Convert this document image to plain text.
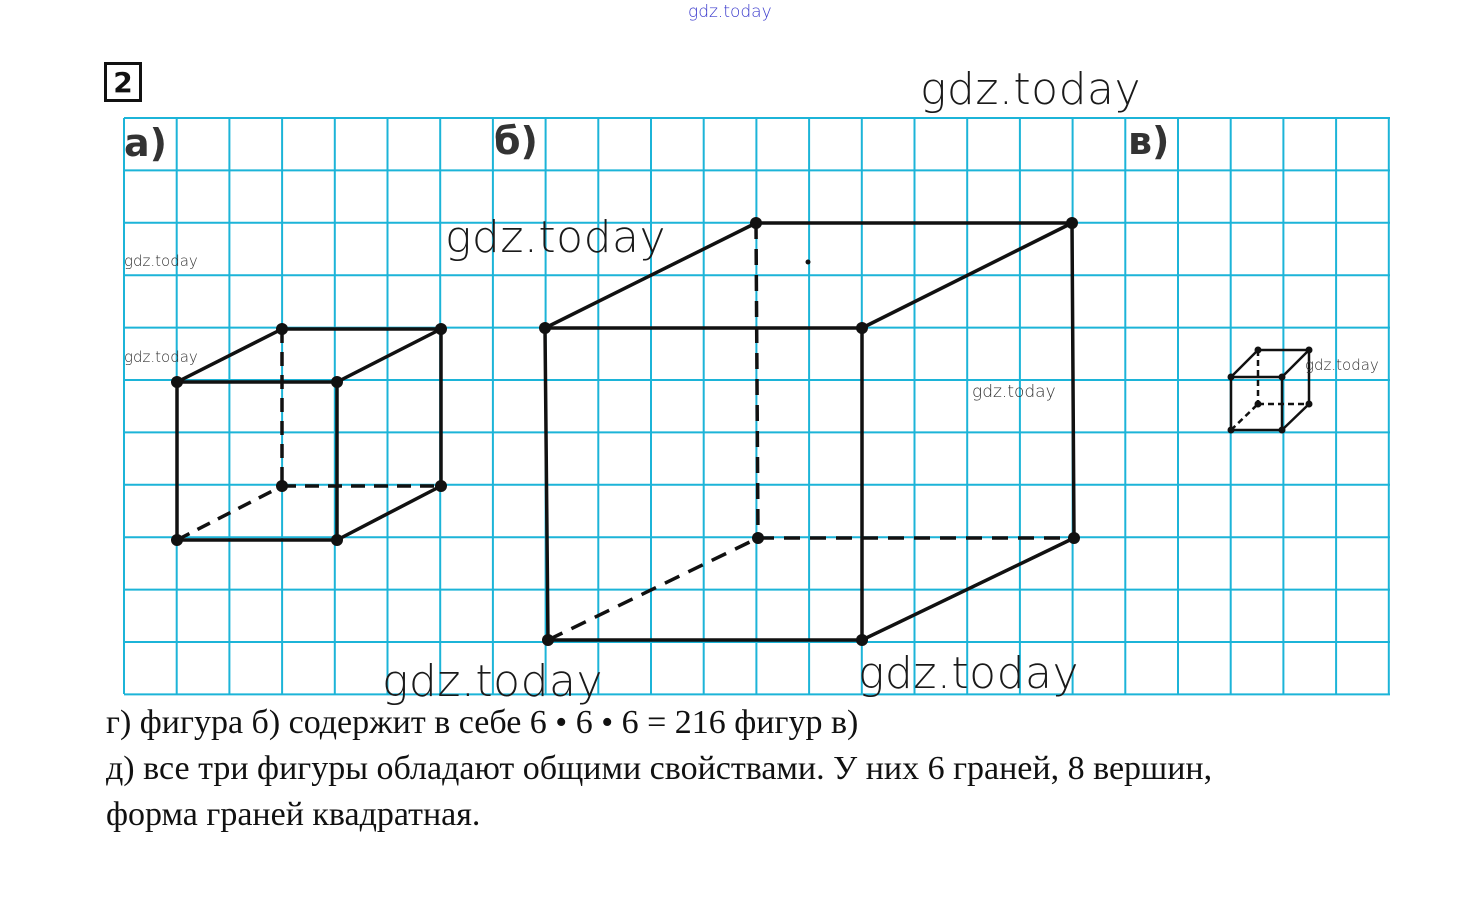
gdz.today
2
а)	б)	в)
gdz.today
gdz.today
gdz.today	gdz.today
gdz.today
gdz.today
gdz.today
gdz.today
г) фигура б) содержит в себе 6 • 6 • 6 = 216 фигур в)
д) все три фигуры обладают общими свойствами. У них 6 граней, 8 вершин,
форма граней квадратная.
